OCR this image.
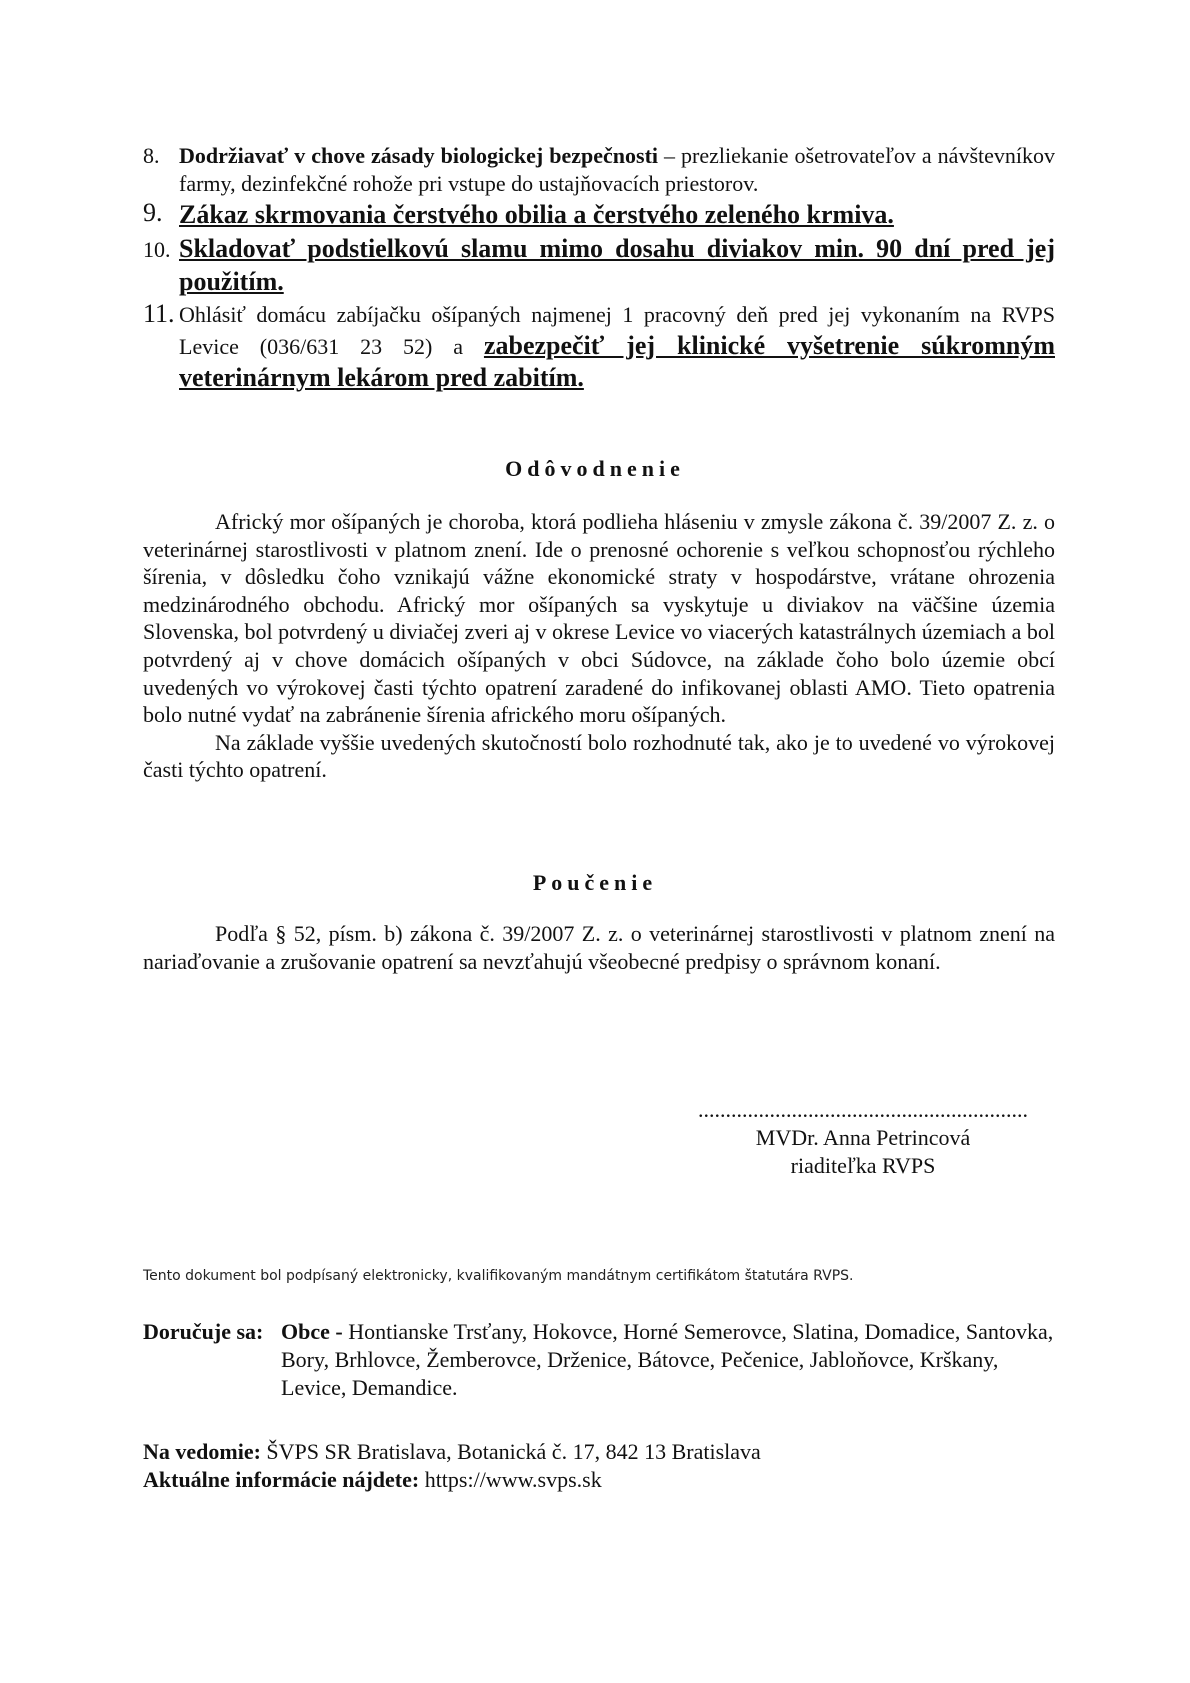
8. Dodržiavať v chove zásady biologickej bezpečnosti – prezliekanie ošetrovateľov a návštevníkov farmy, dezinfekčné rohože pri vstupe do ustajňovacích priestorov.
9. Zákaz skrmovania čerstvého obilia a čerstvého zeleného krmiva.
10. Skladovať podstielkovú slamu mimo dosahu diviakov min. 90 dní pred jej použitím.
11. Ohlásiť domácu zabíjačku ošípaných najmenej 1 pracovný deň pred jej vykonaním na RVPS Levice (036/631 23 52) a zabezpečiť jej klinické vyšetrenie súkromným veterinárnym lekárom pred zabitím.
Odôvodnenie

Africký mor ošípaných je choroba, ktorá podlieha hláseniu v zmysle zákona č. 39/2007 Z. z. o veterinárnej starostlivosti v platnom znení. Ide o prenosné ochorenie s veľkou schopnosťou rýchleho šírenia, v dôsledku čoho vznikajú vážne ekonomické straty v hospodárstve, vrátane ohrozenia medzinárodného obchodu. Africký mor ošípaných sa vyskytuje u diviakov na väčšine územia Slovenska, bol potvrdený u diviačej zveri aj v okrese Levice vo viacerých katastrálnych územiach a bol potvrdený aj v chove domácich ošípaných v obci Súdovce, na základe čoho bolo územie obcí uvedených vo výrokovej časti týchto opatrení zaradené do infikovanej oblasti AMO. Tieto opatrenia bolo nutné vydať na zabránenie šírenia afrického moru ošípaných.

Na základe vyššie uvedených skutočností bolo rozhodnuté tak, ako je to uvedené vo výrokovej časti týchto opatrení.

Poučenie

Podľa § 52, písm. b) zákona č. 39/2007 Z. z. o veterinárnej starostlivosti v platnom znení na nariaďovanie a zrušovanie opatrení sa nevzťahujú všeobecné predpisy o správnom konaní.

............................................................
MVDr. Anna Petrincová
riaditeľka RVPS
Tento dokument bol podpísaný elektronicky, kvalifikovaným mandátnym certifikátom štatutára RVPS.
Doručuje sa: Obce - Hontianske Trsťany, Hokovce, Horné Semerovce, Slatina, Domadice, Santovka, Bory, Brhlovce, Žemberovce, Drženice, Bátovce, Pečenice, Jabloňovce, Krškany, Levice, Demandice.
Na vedomie: ŠVPS SR Bratislava, Botanická č. 17, 842 13 Bratislava
Aktuálne informácie nájdete: https://www.svps.sk
